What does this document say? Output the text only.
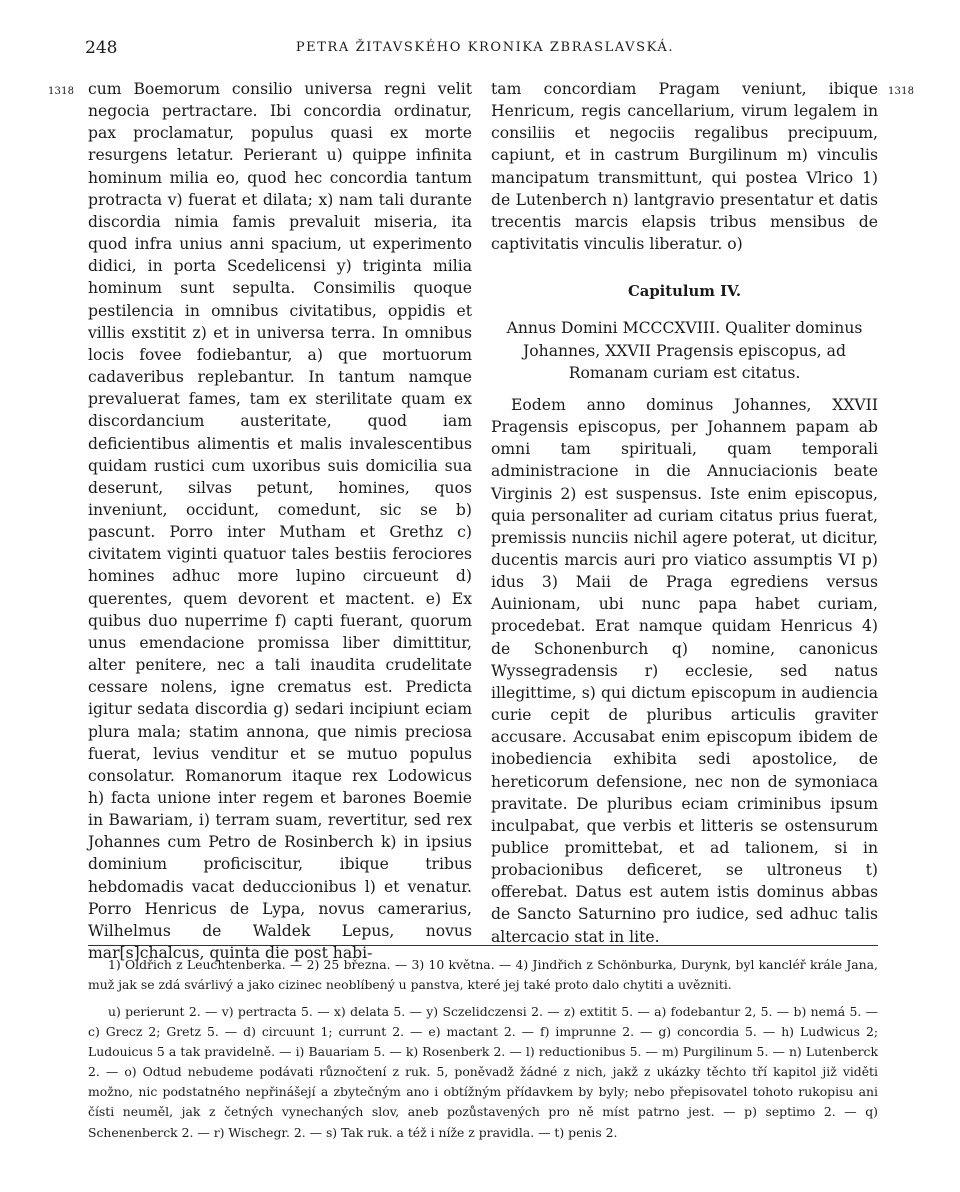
248	PETRA ŽITAVSKÉHO KRONIKA ZBRASLAVSKÁ.
1318	1318

cum Boemorum consilio universa regni velit negocia pertractare. Ibi concordia ordinatur, pax proclamatur, populus quasi ex morte resurgens letatur. Perierant u) quippe infinita hominum milia eo, quod hec concordia tantum protracta v) fuerat et dilata; x) nam tali durante discordia nimia famis prevaluit miseria, ita quod infra unius anni spacium, ut experimento didici, in porta Scedelicensi y) triginta milia hominum sunt sepulta. Consimilis quoque pestilencia in omnibus civitatibus, oppidis et villis exstitit z) et in universa terra. In omnibus locis fovee fodiebantur, a) que mortuorum cadaveribus replebantur. In tantum namque prevaluerat fames, tam ex sterilitate quam ex discordancium austeritate, quod iam deficientibus alimentis et malis invalescentibus quidam rustici cum uxoribus suis domicilia sua deserunt, silvas petunt, homines, quos inveniunt, occidunt, comedunt, sic se b) pascunt. Porro inter Mutham et Grethz c) civitatem viginti quatuor tales bestiis ferociores homines adhuc more lupino circueunt d) querentes, quem devorent et mactent. e) Ex quibus duo nuperrime f) capti fuerant, quorum unus emendacione promissa liber dimittitur, alter penitere, nec a tali inaudita crudelitate cessare nolens, igne crematus est. Predicta igitur sedata discordia g) sedari incipiunt eciam plura mala; statim annona, que nimis preciosa fuerat, levius venditur et se mutuo populus consolatur. Romanorum itaque rex Lodowicus h) facta unione inter regem et barones Boemie in Bawariam, i) terram suam, revertitur, sed rex Johannes cum Petro de Rosinberch k) in ipsius dominium proficiscitur, ibique tribus hebdomadis vacat deduccionibus l) et venatur. Porro Henricus de Lypa, novus camerarius, Wilhelmus de Waldek Lepus, novus mar[s]chalcus, quinta die post habi-

tam concordiam Pragam veniunt, ibique Henricum, regis cancellarium, virum legalem in consiliis et negociis regalibus precipuum, capiunt, et in castrum Burgilinum m) vinculis mancipatum transmittunt, qui postea Vlrico 1) de Lutenberch n) lantgravio presentatur et datis trecentis marcis elapsis tribus mensibus de captivitatis vinculis liberatur. o)

Capitulum IV.

Annus Domini MCCCXVIII. Qualiter dominus Johannes, XXVII Pragensis episcopus, ad Romanam curiam est citatus.

Eodem anno dominus Johannes, XXVII Pragensis episcopus, per Johannem papam ab omni tam spirituali, quam temporali administracione in die Annuciacionis beate Virginis 2) est suspensus. Iste enim episcopus, quia personaliter ad curiam citatus prius fuerat, premissis nunciis nichil agere poterat, ut dicitur, ducentis marcis auri pro viatico assumptis VI p) idus 3) Maii de Praga egrediens versus Auinionam, ubi nunc papa habet curiam, procedebat. Erat namque quidam Henricus 4) de Schonenburch q) nomine, canonicus Wyssegradensis r) ecclesie, sed natus illegittime, s) qui dictum episcopum in audiencia curie cepit de pluribus articulis graviter accusare. Accusabat enim episcopum ibidem de inobediencia exhibita sedi apostolice, de hereticorum defensione, nec non de symoniaca pravitate. De pluribus eciam criminibus ipsum inculpabat, que verbis et litteris se ostensurum publice promittebat, et ad talionem, si in probacionibus deficeret, se ultroneus t) offerebat. Datus est autem istis dominus abbas de Sancto Saturnino pro iudice, sed adhuc talis altercacio stat in lite.

1) Oldřich z Leuchtenberka. — 2) 25 března. — 3) 10 května. — 4) Jindřich z Schönburka, Durynk, byl kancléř krále Jana, muž jak se zdá svárlivý a jako cizinec neoblíbený u panstva, které jej také proto dalo chytiti a uvězniti.

u) perierunt 2. — v) pertracta 5. — x) delata 5. — y) Sczelidczensi 2. — z) extitit 5. — a) fodebantur 2, 5. — b) nemá 5. — c) Grecz 2; Gretz 5. — d) circuunt 1; currunt 2. — e) mactant 2. — f) imprunne 2. — g) concordia 5. — h) Ludwicus 2; Ludouicus 5 a tak pravidelně. — i) Bauariam 5. — k) Rosenberk 2. — l) reductionibus 5. — m) Purgilinum 5. — n) Lutenberck 2. — o) Odtud nebudeme podávati různočtení z ruk. 5, poněvadž žádné z nich, jakž z ukázky těchto tří kapitol již viděti možno, nic podstatného nepřinášejí a zbytečným ano i obtížným přídavkem by byly; nebo přepisovatel tohoto rukopisu ani čísti neuměl, jak z četných vynechaných slov, aneb pozůstavených pro ně míst patrno jest. — p) septimo 2. — q) Schenenberck 2. — r) Wischegr. 2. — s) Tak ruk. a též i níže z pravidla. — t) penis 2.
